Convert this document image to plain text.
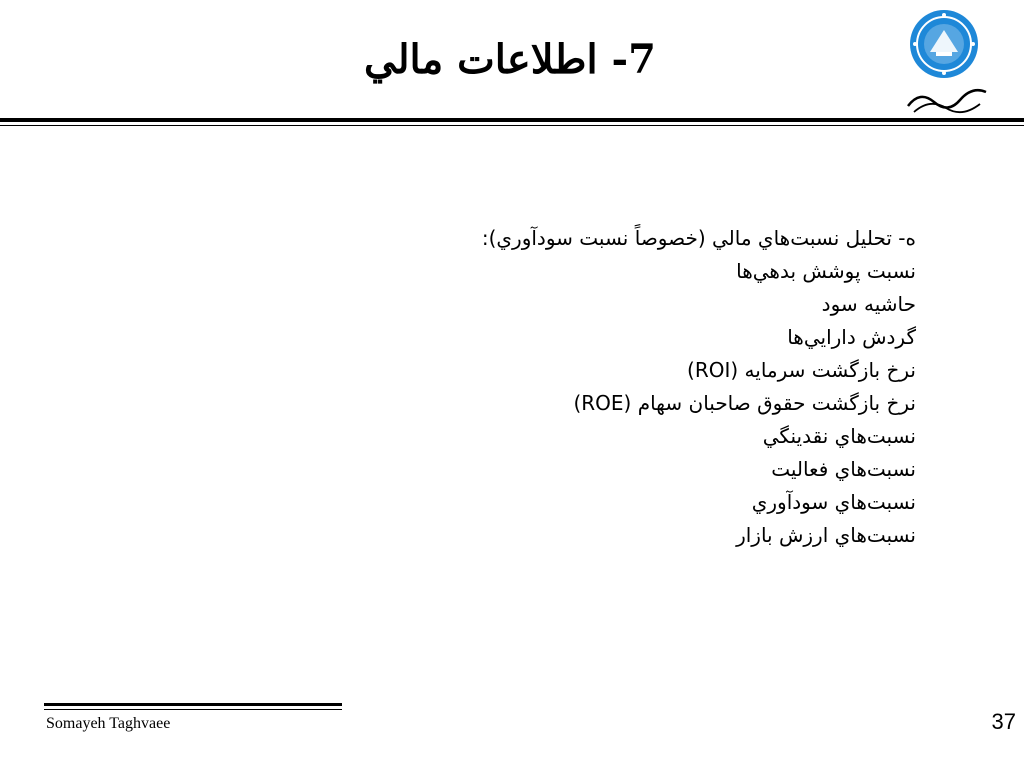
7- اطلاعات مالي
ه- تحليل نسبت‌هاي مالي (خصوصاً نسبت سودآوري):
نسبت پوشش بدهي‌ها
حاشيه سود
گردش دارايي‌ها
نرخ بازگشت سرمايه (ROI)
نرخ بازگشت حقوق صاحبان سهام (ROE)
نسبت‌هاي نقدينگي
نسبت‌هاي فعاليت
نسبت‌هاي سودآوري
نسبت‌هاي ارزش بازار
Somayeh Taghvaee	37
